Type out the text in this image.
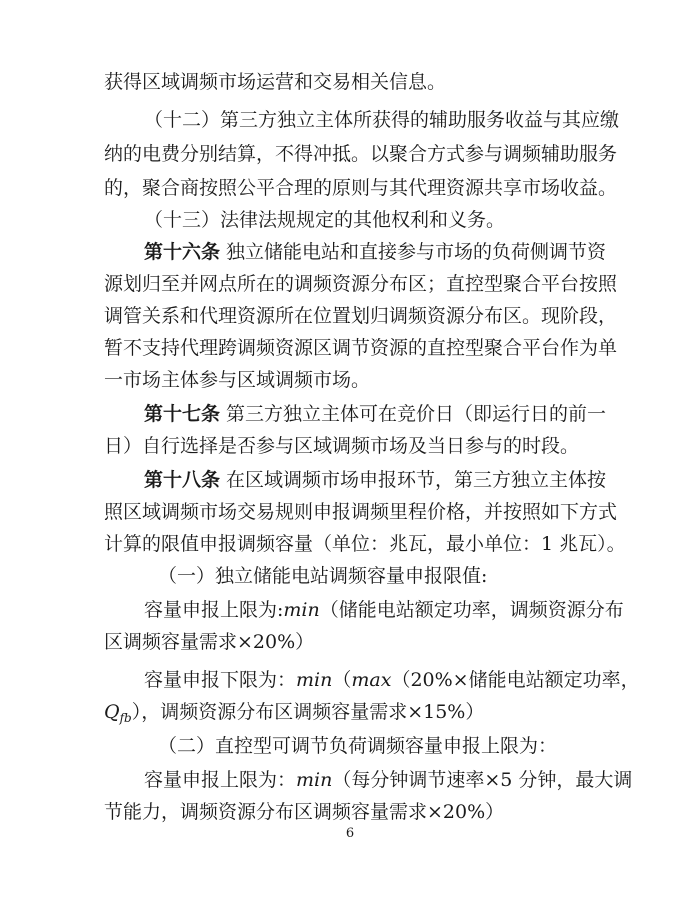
获得区域调频市场运营和交易相关信息。
（十二）第三方独立主体所获得的辅助服务收益与其应缴
纳的电费分别结算，不得冲抵。以聚合方式参与调频辅助服务
的，聚合商按照公平合理的原则与其代理资源共享市场收益。
（十三）法律法规规定的其他权利和义务。
第十六条 独立储能电站和直接参与市场的负荷侧调节资
源划归至并网点所在的调频资源分布区；直控型聚合平台按照
调管关系和代理资源所在位置划归调频资源分布区。现阶段，
暂不支持代理跨调频资源区调节资源的直控型聚合平台作为单
一市场主体参与区域调频市场。
第十七条 第三方独立主体可在竞价日（即运行日的前一
日）自行选择是否参与区域调频市场及当日参与的时段。
第十八条 在区域调频市场申报环节，第三方独立主体按
照区域调频市场交易规则申报调频里程价格，并按照如下方式
计算的限值申报调频容量（单位：兆瓦，最小单位：1 兆瓦）。
（一）独立储能电站调频容量申报限值:
容量申报上限为:min（储能电站额定功率，调频资源分布
区调频容量需求×20%）
容量申报下限为：min（max（20%×储能电站额定功率，
$Q_{fb}$），调频资源分布区调频容量需求×15%）
（二）直控型可调节负荷调频容量申报上限为：
容量申报上限为：min（每分钟调节速率×5 分钟，最大调
节能力，调频资源分布区调频容量需求×20%）
6
